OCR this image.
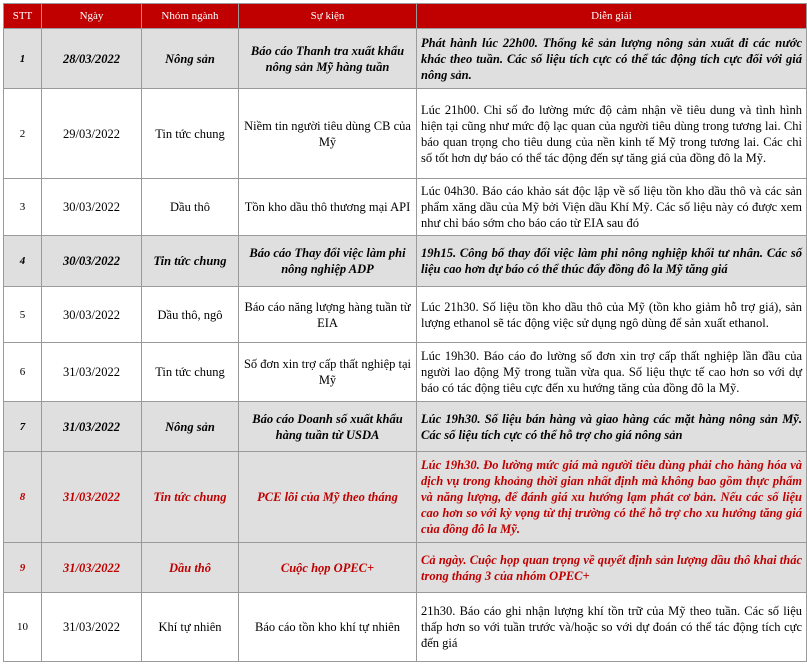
STT	Ngày	Nhóm ngành	Sự kiện	Diễn giải
1	28/03/2022	Nông sản	Báo cáo Thanh tra xuất khẩu nông sản Mỹ hàng tuần	Phát hành lúc 22h00. Thống kê sản lượng nông sản xuất đi các nước khác theo tuần. Các số liệu tích cực có thể tác động tích cực đối với giá nông sản.
2	29/03/2022	Tin tức chung	Niềm tin người tiêu dùng CB của Mỹ	Lúc 21h00. Chỉ số đo lường mức độ cảm nhận về tiêu dung và tình hình hiện tại cũng như mức độ lạc quan của người tiêu dùng trong tương lai. Chỉ báo quan trọng cho tiêu dung của nền kinh tế Mỹ trong tương lai. Các chỉ số tốt hơn dự báo có thể tác động đến sự tăng giá của đồng đô la Mỹ.
3	30/03/2022	Dầu thô	Tồn kho dầu thô thương mại API	Lúc 04h30. Báo cáo khảo sát độc lập về số liệu tồn kho dầu thô và các sản phẩm xăng dầu của Mỹ bởi Viện dầu Khí Mỹ. Các số liệu này có được xem như chỉ báo sớm cho báo cáo từ EIA sau đó
4	30/03/2022	Tin tức chung	Báo cáo Thay đổi việc làm phi nông nghiệp ADP	19h15. Công bố thay đổi việc làm phi nông nghiệp khối tư nhân. Các số liệu cao hơn dự báo có thể thúc đẩy đồng đô la Mỹ tăng giá
5	30/03/2022	Dầu thô, ngô	Báo cáo năng lượng hàng tuần từ EIA	Lúc 21h30. Số liệu tồn kho dầu thô của Mỹ (tồn kho giảm hỗ trợ giá), sản lượng ethanol sẽ tác động việc sử dụng ngô dùng để sản xuất ethanol.
6	31/03/2022	Tin tức chung	Số đơn xin trợ cấp thất nghiệp tại Mỹ	Lúc 19h30. Báo cáo đo lường số đơn xin trợ cấp thất nghiệp lần đầu của người lao động Mỹ trong tuần vừa qua. Số liệu thực tế cao hơn so với dự báo có tác động tiêu cực đến xu hướng tăng của đồng đô la Mỹ.
7	31/03/2022	Nông sản	Báo cáo Doanh số xuất khẩu hàng tuần từ USDA	Lúc 19h30. Số liệu bán hàng và giao hàng các mặt hàng nông sản Mỹ. Các số liệu tích cực có thể hỗ trợ cho giá nông sản
8	31/03/2022	Tin tức chung	PCE lõi của Mỹ theo tháng	Lúc 19h30. Đo lường mức giá mà người tiêu dùng phải cho hàng hóa và dịch vụ trong khoảng thời gian nhất định mà không bao gồm thực phẩm và năng lượng, để đánh giá xu hướng lạm phát cơ bản. Nếu các số liệu cao hơn so với kỳ vọng từ thị trường có thể hỗ trợ cho xu hướng tăng giá của đồng đô la Mỹ.
9	31/03/2022	Dầu thô	Cuộc họp OPEC+	Cả ngày. Cuộc họp quan trọng về quyết định sản lượng dầu thô khai thác trong tháng 3 của nhóm OPEC+
10	31/03/2022	Khí tự nhiên	Báo cáo tồn kho khí tự nhiên	21h30. Báo cáo ghi nhận lượng khí tồn trữ của Mỹ theo tuần. Các số liệu thấp hơn so với tuần trước và/hoặc so với dự đoán có thể tác động tích cực đến giá
